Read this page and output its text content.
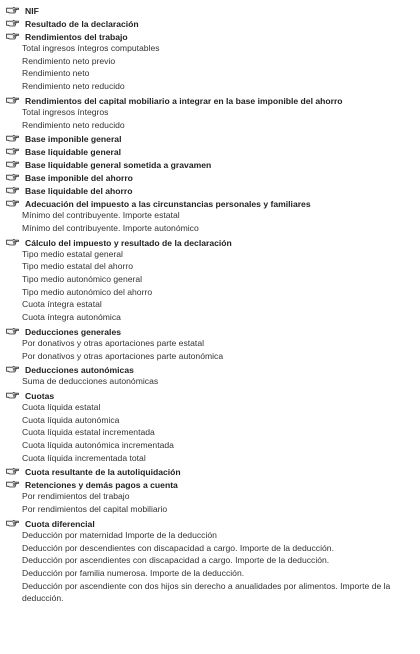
NIF
Resultado de la declaración
Rendimientos del trabajo
Total ingresos íntegros computables
Rendimiento neto previo
Rendimiento neto
Rendimiento neto reducido
Rendimientos del capital mobiliario a integrar en la base imponible del ahorro
Total ingresos íntegros
Rendimiento neto reducido
Base imponible general
Base liquidable general
Base liquidable general sometida a gravamen
Base imponible del ahorro
Base liquidable del ahorro
Adecuación del impuesto a las circunstancias personales y familiares
Mínimo del contribuyente. Importe estatal
Mínimo del contribuyente. Importe autonómico
Cálculo del impuesto y resultado de la declaración
Tipo medio estatal general
Tipo medio estatal del ahorro
Tipo medio autonómico general
Tipo medio autonómico del ahorro
Cuota íntegra estatal
Cuota íntegra autonómica
Deducciones generales
Por donativos y otras aportaciones parte estatal
Por donativos y otras aportaciones parte autonómica
Deducciones autonómicas
Suma de deducciones autonómicas
Cuotas
Cuota líquida estatal
Cuota líquida autonómica
Cuota líquida estatal incrementada
Cuota líquida autonómica incrementada
Cuota líquida incrementada total
Cuota resultante de la autoliquidación
Retenciones y demás pagos a cuenta
Por rendimientos del trabajo
Por rendimientos del capital mobiliario
Cuota diferencial
Deducción por maternidad Importe de la deducción
Deducción por descendientes con discapacidad a cargo. Importe de la deducción.
Deducción por ascendientes con discapacidad a cargo. Importe de la deducción.
Deducción por familia numerosa. Importe de la deducción.
Deducción por ascendiente con dos hijos sin derecho a anualidades por alimentos. Importe de la deducción.
